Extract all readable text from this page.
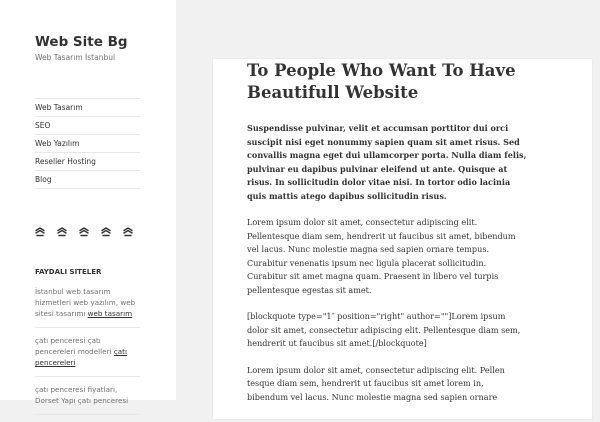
Web Site Bg
Web Tasarım İstanbul
Web Tasarım
SEO
Web Yazılım
Reseller Hosting
Blog
FAYDALI SITELER
İstanbul web tasarım hizmetleri web yazılım, web sitesi tasarımı web tasarım
çatı penceresi çatı pencereleri modelleri çatı pencereleri
çatı penceresi fiyatları, Dorset Yapı çatı penceresi
To People Who Want To Have Beautifull Website

Suspendisse pulvinar, velit et accumsan porttitor dui orci suscipit nisi eget nonummy sapien quam sit amet risus. Sed convallis magna eget dui ullamcorper porta. Nulla diam felis, pulvinar eu dapibus pulvinar eleifend ut ante. Quisque at risus. In sollicitudin dolor vitae nisi. In tortor odio lacinia quis mattis atego dapibus sollicitudin risus.

Lorem ipsum dolor sit amet, consectetur adipiscing elit. Pellentesque diam sem, hendrerit ut faucibus sit amet, bibendum vel lacus. Nunc molestie magna sed sapien ornare tempus. Curabitur venenatis ipsum nec ligula placerat sollicitudin. Curabitur sit amet magna quam. Praesent in libero vel turpis pellentesque egestas sit amet.

[blockquote type="1″ position="right" author=""]Lorem ipsum dolor sit amet, consectetur adipiscing elit. Pellentesque diam sem, hendrerit ut faucibus sit amet.[/blockquote]

Lorem ipsum dolor sit amet, consectetur adipiscing elit. Pellen tesque diam sem, hendrerit ut faucibus sit amet lorem in, bibendum vel lacus. Nunc molestie magna sed sapien ornare
